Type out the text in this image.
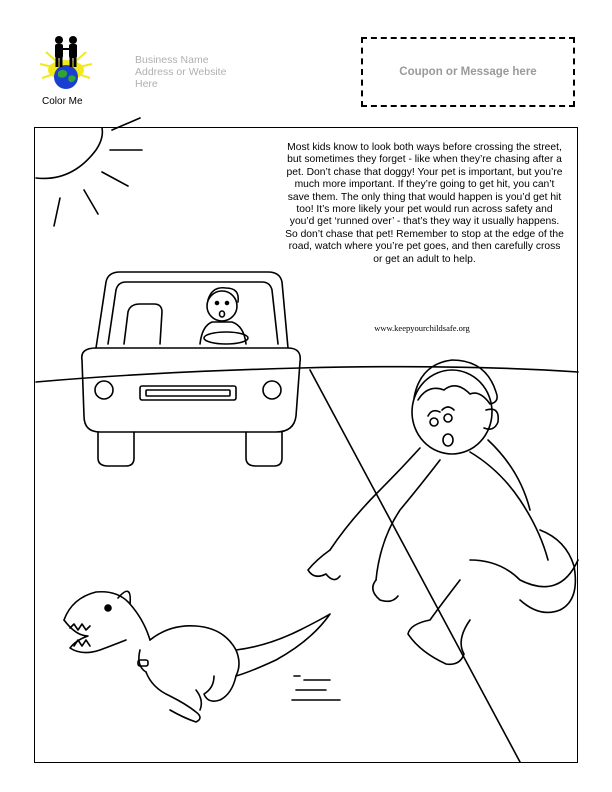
Color Me
Business Name
Address or Website
Here
Coupon or Message here
Most kids know to look both ways before crossing the street, but sometimes they forget - like when they’re chasing after a pet. Don’t chase that doggy! Your pet is important, but you’re much more important. If they’re going to get hit, you can’t save them. The only thing that would happen is you’d get hit too! It’s more likely your pet would run across safety and you’d get ‘runned over’ - that’s they way it usually happens. So don’t chase that pet! Remember to stop at the edge of the road, watch where you’re pet goes, and then carefully cross or get an adult to help.
www.keepyourchildsafe.org
